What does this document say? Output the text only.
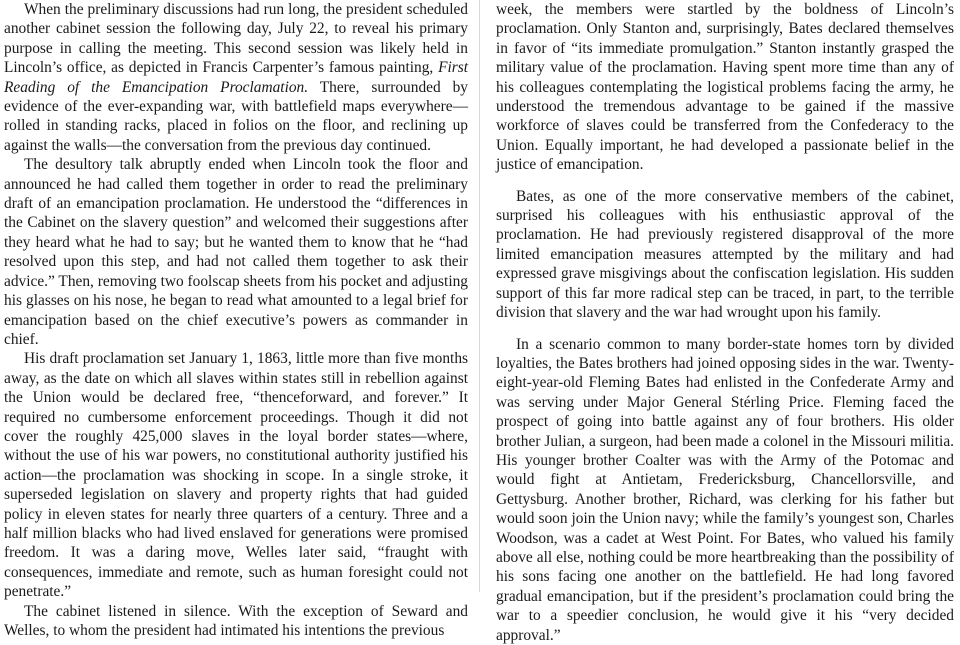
When the preliminary discussions had run long, the president scheduled another cabinet session the following day, July 22, to reveal his primary purpose in calling the meeting. This second session was likely held in Lincoln’s office, as depicted in Francis Carpenter’s famous painting, First Reading of the Emancipation Proclamation. There, surrounded by evidence of the ever-expanding war, with battlefield maps everywhere—rolled in standing racks, placed in folios on the floor, and reclining up against the walls—the conversation from the previous day continued.

The desultory talk abruptly ended when Lincoln took the floor and announced he had called them together in order to read the preliminary draft of an emancipation proclamation. He understood the “differences in the Cabinet on the slavery question” and welcomed their suggestions after they heard what he had to say; but he wanted them to know that he “had resolved upon this step, and had not called them together to ask their advice.” Then, removing two foolscap sheets from his pocket and adjusting his glasses on his nose, he began to read what amounted to a legal brief for emancipation based on the chief executive’s powers as commander in chief.

His draft proclamation set January 1, 1863, little more than five months away, as the date on which all slaves within states still in rebellion against the Union would be declared free, “thenceforward, and forever.” It required no cumbersome enforcement proceedings. Though it did not cover the roughly 425,000 slaves in the loyal border states—where, without the use of his war powers, no constitutional authority justified his action—the proclamation was shocking in scope. In a single stroke, it superseded legislation on slavery and property rights that had guided policy in eleven states for nearly three quarters of a century. Three and a half million blacks who had lived enslaved for generations were promised freedom. It was a daring move, Welles later said, “fraught with consequences, immediate and remote, such as human foresight could not penetrate.”

The cabinet listened in silence. With the exception of Seward and Welles, to whom the president had intimated his intentions the previous

week, the members were startled by the boldness of Lincoln’s proclamation. Only Stanton and, surprisingly, Bates declared themselves in favor of “its immediate promulgation.” Stanton instantly grasped the military value of the proclamation. Having spent more time than any of his colleagues contemplating the logistical problems facing the army, he understood the tremendous advantage to be gained if the massive workforce of slaves could be transferred from the Confederacy to the Union. Equally important, he had developed a passionate belief in the justice of emancipation.

Bates, as one of the more conservative members of the cabinet, surprised his colleagues with his enthusiastic approval of the proclamation. He had previously registered disapproval of the more limited emancipation measures attempted by the military and had expressed grave misgivings about the confiscation legislation. His sudden support of this far more radical step can be traced, in part, to the terrible division that slavery and the war had wrought upon his family.

In a scenario common to many border-state homes torn by divided loyalties, the Bates brothers had joined opposing sides in the war. Twenty-eight-year-old Fleming Bates had enlisted in the Confederate Army and was serving under Major General Stérling Price. Fleming faced the prospect of going into battle against any of four brothers. His older brother Julian, a surgeon, had been made a colonel in the Missouri militia. His younger brother Coalter was with the Army of the Potomac and would fight at Antietam, Fredericksburg, Chancellorsville, and Gettysburg. Another brother, Richard, was clerking for his father but would soon join the Union navy; while the family’s youngest son, Charles Woodson, was a cadet at West Point. For Bates, who valued his family above all else, nothing could be more heartbreaking than the possibility of his sons facing one another on the battlefield. He had long favored gradual emancipation, but if the president’s proclamation could bring the war to a speedier conclusion, he would give it his “very decided approval.”
